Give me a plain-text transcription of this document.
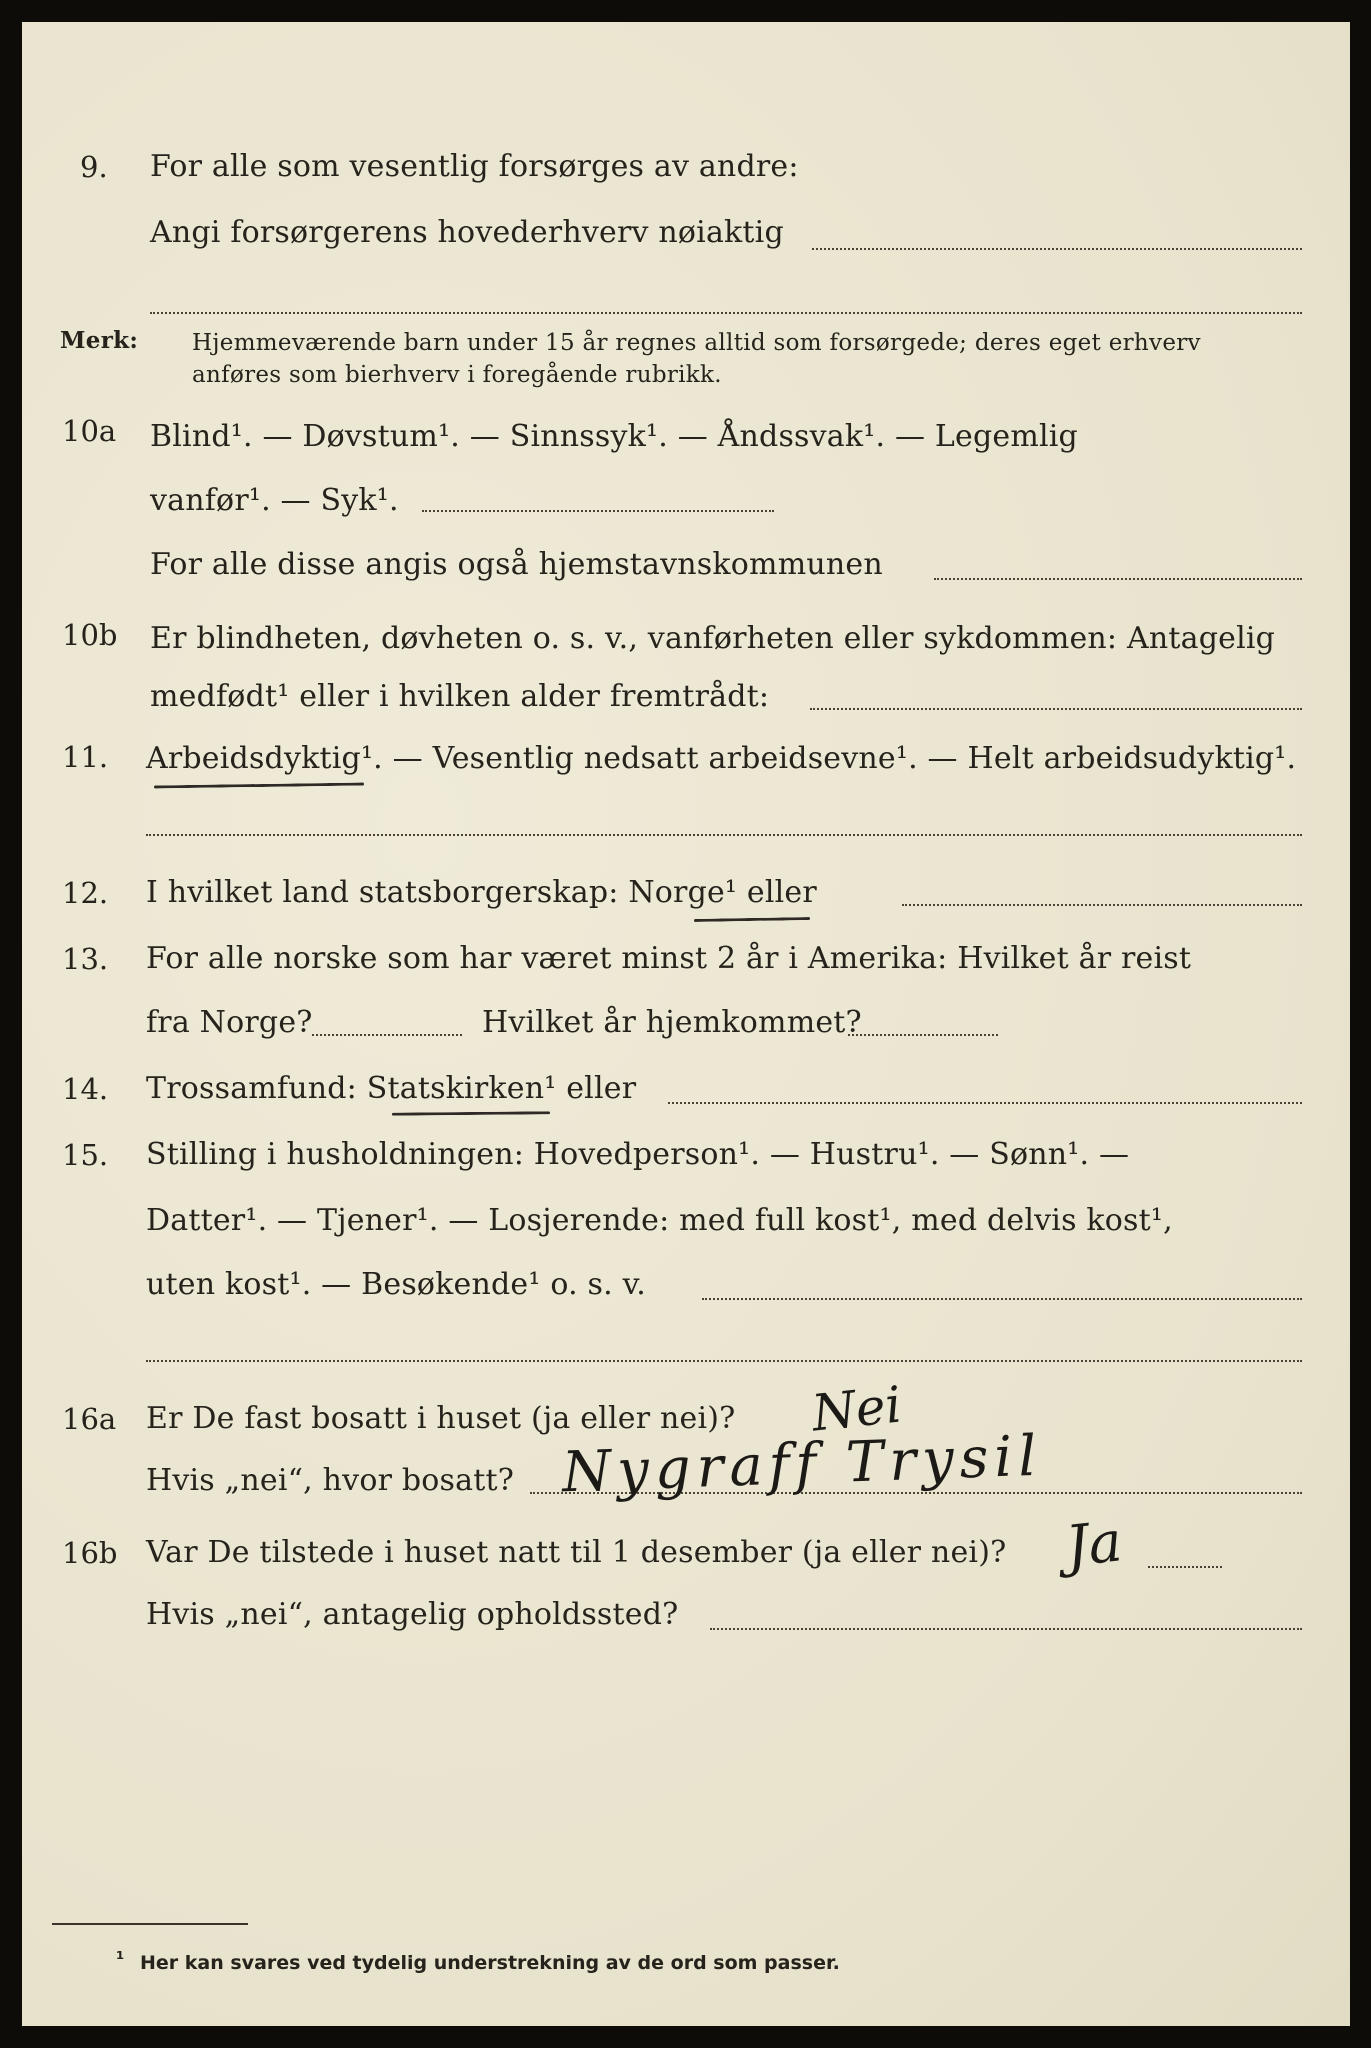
9. For alle som vesentlig forsørges av andre:
Angi forsørgerens hovederhverv nøiaktig
Merk: Hjemmeværende barn under 15 år regnes alltid som forsørgede; deres eget erhverv
anføres som bierhverv i foregående rubrikk.
10a Blind¹. — Døvstum¹. — Sinnssyk¹. — Åndssvak¹. — Legemlig
vanfør¹. — Syk¹.
For alle disse angis også hjemstavnskommunen
10b Er blindheten, døvheten o. s. v., vanførheten eller sykdommen: Antagelig
medfødt¹ eller i hvilken alder fremtrådt:
11. Arbeidsdyktig¹. — Vesentlig nedsatt arbeidsevne¹. — Helt arbeidsudyktig¹.
12. I hvilket land statsborgerskap: Norge¹ eller
13. For alle norske som har været minst 2 år i Amerika: Hvilket år reist
fra Norge?	Hvilket år hjemkommet?
14. Trossamfund: Statskirken¹ eller
15. Stilling i husholdningen: Hovedperson¹. — Hustru¹. — Sønn¹. —
Datter¹. — Tjener¹. — Losjerende: med full kost¹, med delvis kost¹,
uten kost¹. — Besøkende¹ o. s. v.
16a Er De fast bosatt i huset (ja eller nei)? Nei
Hvis „nei“, hvor bosatt? Nygraff Trysil
16b Var De tilstede i huset natt til 1 desember (ja eller nei)? Ja
Hvis „nei“, antagelig opholdssted?
¹ Her kan svares ved tydelig understrekning av de ord som passer.
